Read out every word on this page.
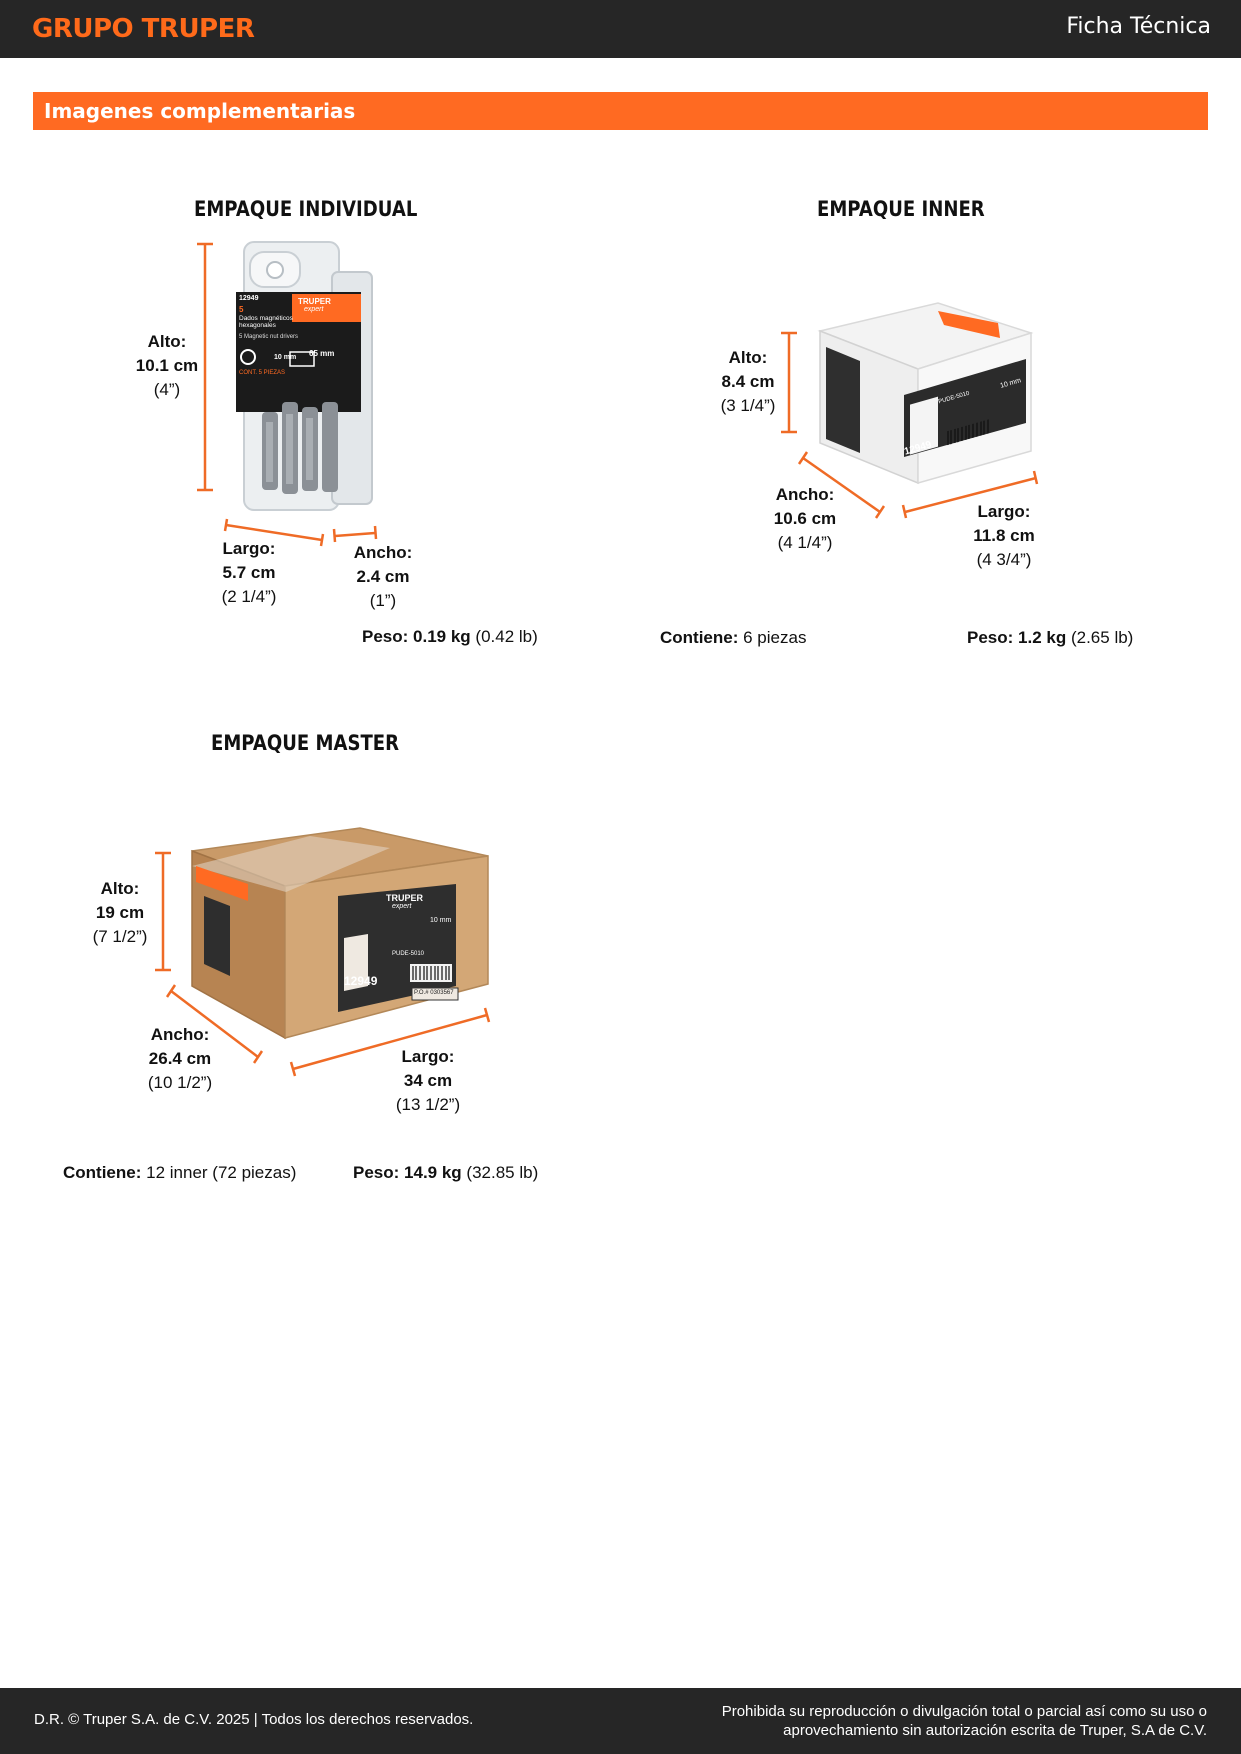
GRUPO TRUPER	Ficha Técnica
Imagenes complementarias
EMPAQUE INDIVIDUAL
12949	TRUPER
expert
5
Dados magnéticos hexagonales
5 Magnetic nut drivers
10 mm 65 mm
CONT. 5 PIEZAS
Alto:
10.1 cm
(4”)
Largo:
5.7 cm
(2 1/4”)
Ancho:
2.4 cm
(1”)
Peso: 0.19 kg (0.42 lb)
EMPAQUE INNER
12949
PUDE-5010
10 mm
Alto:
8.4 cm
(3 1/4”)
Ancho:
10.6 cm
(4 1/4”)
Largo:
11.8 cm
(4 3/4”)
Contiene: 6 piezas	Peso: 1.2 kg (2.65 lb)
EMPAQUE MASTER
TRUPER
expert
PUDE-5010
10 mm
12949
P.O.# 0303567
Alto:
19 cm
(7 1/2”)
Ancho:
26.4 cm
(10 1/2”)
Largo:
34 cm
(13 1/2”)
Contiene: 12 inner (72 piezas)	Peso: 14.9 kg (32.85 lb)
D.R. © Truper S.A. de C.V. 2025 | Todos los derechos reservados.	Prohibida su reproducción o divulgación total o parcial así como su uso o
aprovechamiento sin autorización escrita de Truper, S.A de C.V.
